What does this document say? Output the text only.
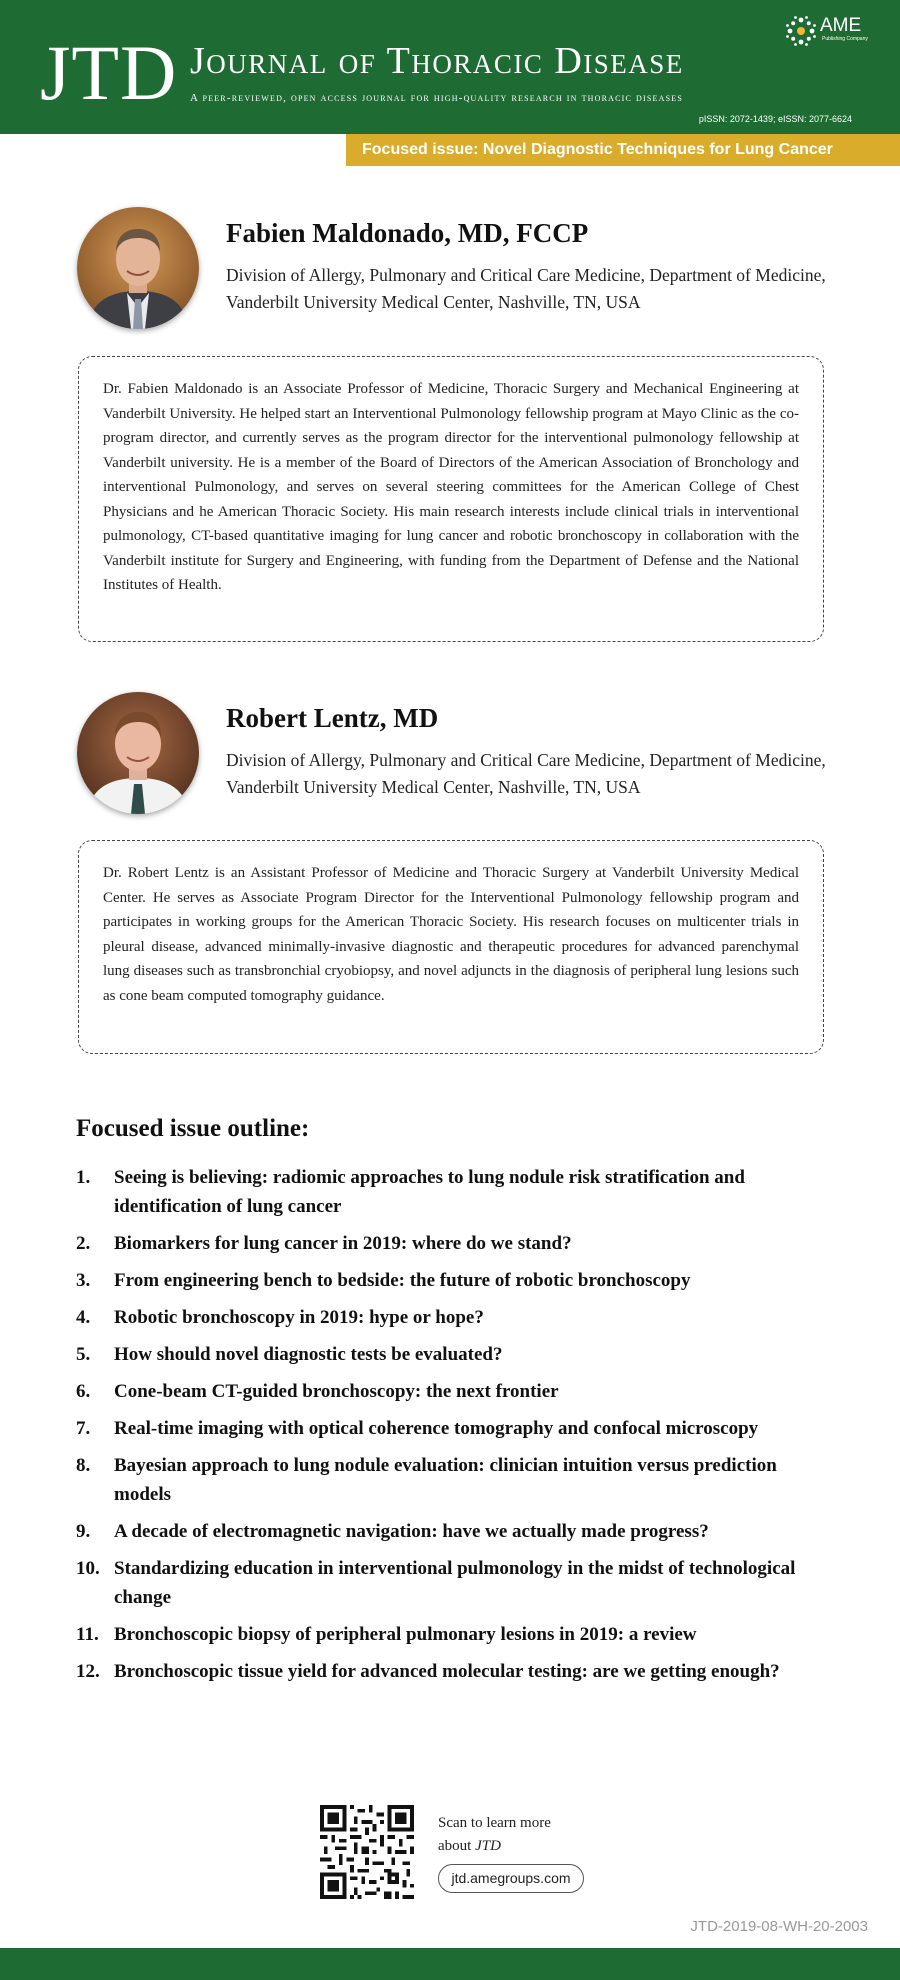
JTD Journal of Thoracic Disease
A peer-reviewed, open access journal for high-quality research in thoracic diseases
pISSN: 2072-1439; eISSN: 2077-6624
AME
Publishing Company
Focused issue: Novel Diagnostic Techniques for Lung Cancer
Fabien Maldonado, MD, FCCP
Division of Allergy, Pulmonary and Critical Care Medicine, Department of Medicine, Vanderbilt University Medical Center, Nashville, TN, USA
Dr. Fabien Maldonado is an Associate Professor of Medicine, Thoracic Surgery and Mechanical Engineering at Vanderbilt University. He helped start an Interventional Pulmonology fellowship program at Mayo Clinic as the co-program director, and currently serves as the program director for the interventional pulmonology fellowship at Vanderbilt university. He is a member of the Board of Directors of the American Association of Bronchology and interventional Pulmonology, and serves on several steering committees for the American College of Chest Physicians and he American Thoracic Society. His main research interests include clinical trials in interventional pulmonology, CT-based quantitative imaging for lung cancer and robotic bronchoscopy in collaboration with the Vanderbilt institute for Surgery and Engineering, with funding from the Department of Defense and the National Institutes of Health.
Robert Lentz, MD
Division of Allergy, Pulmonary and Critical Care Medicine, Department of Medicine, Vanderbilt University Medical Center, Nashville, TN, USA
Dr. Robert Lentz is an Assistant Professor of Medicine and Thoracic Surgery at Vanderbilt University Medical Center. He serves as Associate Program Director for the Interventional Pulmonology fellowship program and participates in working groups for the American Thoracic Society. His research focuses on multicenter trials in pleural disease, advanced minimally-invasive diagnostic and therapeutic procedures for advanced parenchymal lung diseases such as transbronchial cryobiopsy, and novel adjuncts in the diagnosis of peripheral lung lesions such as cone beam computed tomography guidance.
Focused issue outline:
1.	Seeing is believing: radiomic approaches to lung nodule risk stratification and identification of lung cancer
2.	Biomarkers for lung cancer in 2019: where do we stand?
3.	From engineering bench to bedside: the future of robotic bronchoscopy
4.	Robotic bronchoscopy in 2019: hype or hope?
5.	How should novel diagnostic tests be evaluated?
6.	Cone-beam CT-guided bronchoscopy: the next frontier
7.	Real-time imaging with optical coherence tomography and confocal microscopy
8.	Bayesian approach to lung nodule evaluation: clinician intuition versus prediction models
9.	A decade of electromagnetic navigation: have we actually made progress?
10. Standardizing education in interventional pulmonology in the midst of technological change
11. Bronchoscopic biopsy of peripheral pulmonary lesions in 2019: a review
12. Bronchoscopic tissue yield for advanced molecular testing: are we getting enough?
Scan to learn more
about JTD
jtd.amegroups.com
JTD-2019-08-WH-20-2003
